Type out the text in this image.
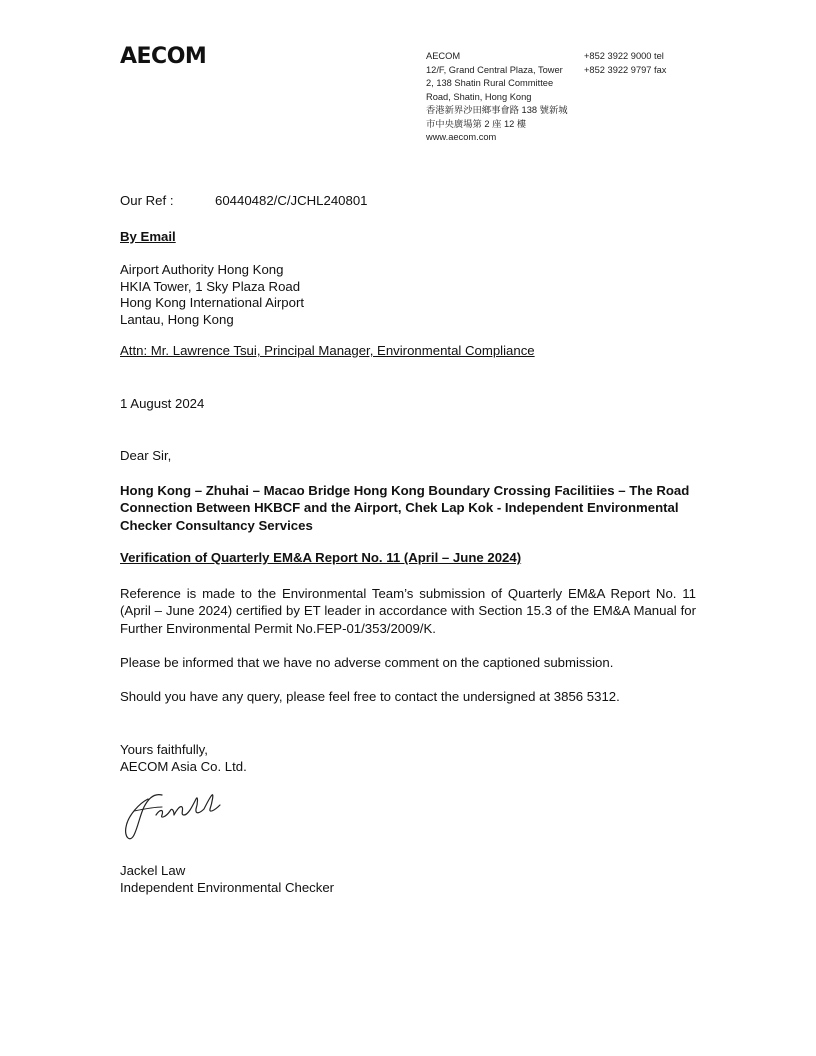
AECOM	AECOM
12/F, Grand Central Plaza, Tower
2, 138 Shatin Rural Committee
Road, Shatin, Hong Kong
香港新界沙田鄉事會路 138 號新城
市中央廣場第 2 座 12 樓
www.aecom.com
+852 3922 9000 tel
+852 3922 9797 fax
Our Ref :	60440482/C/JCHL240801
By Email
Airport Authority Hong Kong
HKIA Tower, 1 Sky Plaza Road
Hong Kong International Airport
Lantau, Hong Kong
Attn: Mr. Lawrence Tsui, Principal Manager, Environmental Compliance
1 August 2024
Dear Sir,
Hong Kong – Zhuhai – Macao Bridge Hong Kong Boundary Crossing Facilitiies – The Road Connection Between HKBCF and the Airport, Chek Lap Kok - Independent Environmental Checker Consultancy Services
Verification of Quarterly EM&A Report No. 11 (April – June 2024)
Reference is made to the Environmental Team’s submission of Quarterly EM&A Report No. 11 (April – June 2024) certified by ET leader in accordance with Section 15.3 of the EM&A Manual for Further Environmental Permit No.FEP-01/353/2009/K.
Please be informed that we have no adverse comment on the captioned submission.
Should you have any query, please feel free to contact the undersigned at 3856 5312.
Yours faithfully,
AECOM Asia Co. Ltd.
Jackel Law
Independent Environmental Checker
